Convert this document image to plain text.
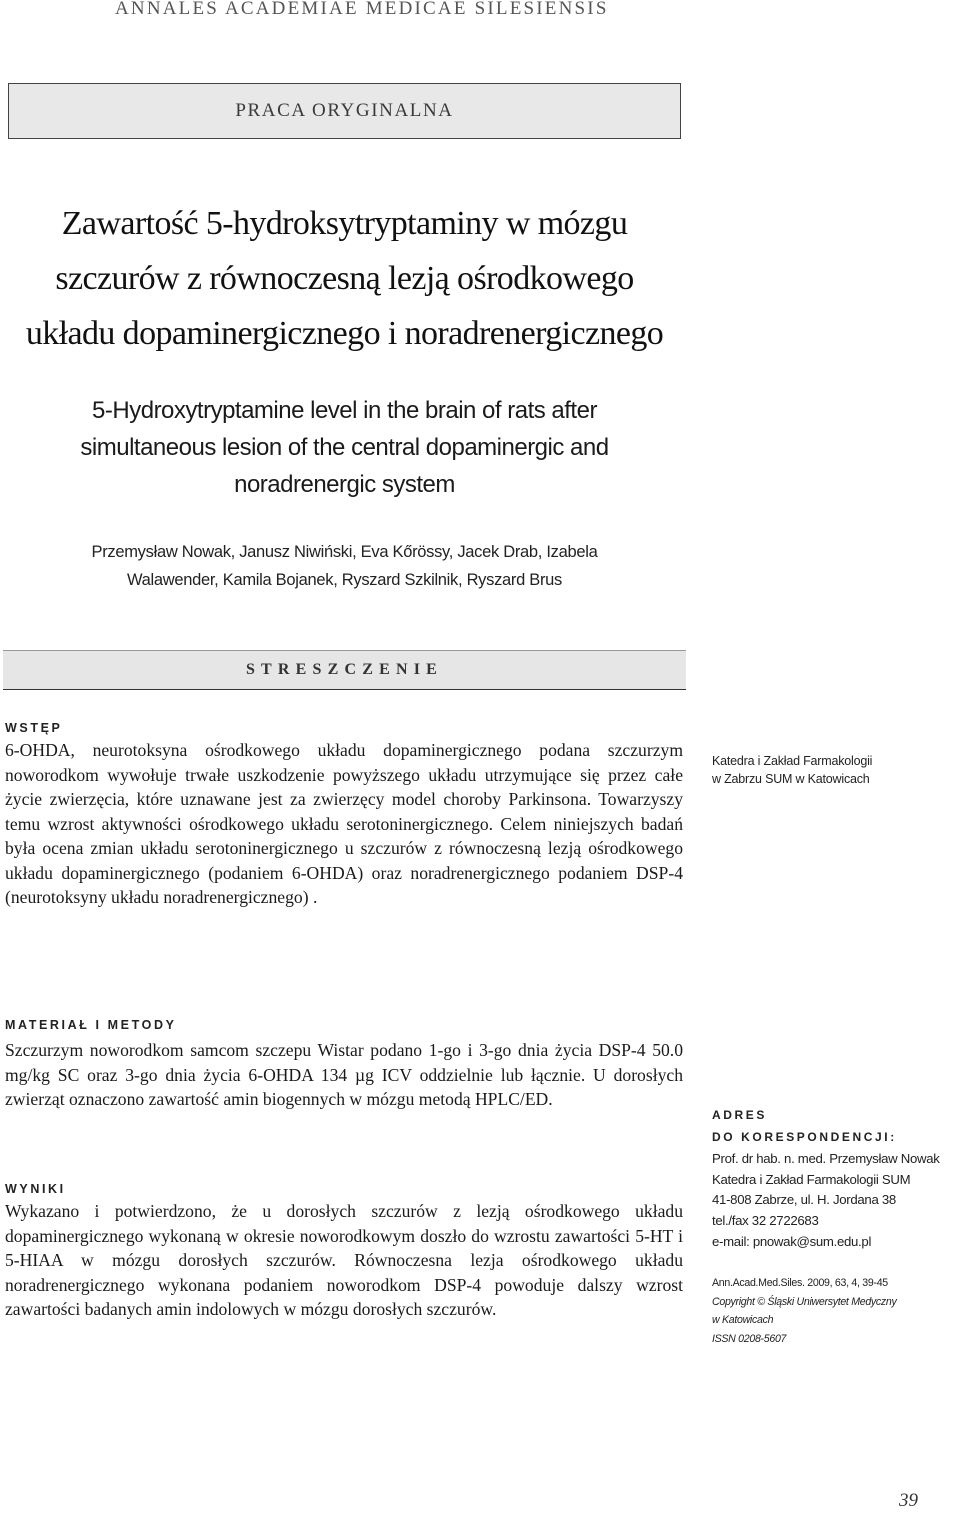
ANNALES ACADEMIAE MEDICAE SILESIENSIS
PRACA ORYGINALNA
Zawartość 5-hydroksytryptaminy w mózgu
szczurów z równoczesną lezją ośrodkowego
układu dopaminergicznego i noradrenergicznego
5-Hydroxytryptamine level in the brain of rats after
simultaneous lesion of the central dopaminergic and
noradrenergic system
Przemysław Nowak, Janusz Niwiński, Eva Kőrössy, Jacek Drab, Izabela
Walawender, Kamila Bojanek, Ryszard Szkilnik, Ryszard Brus
STRESZCZENIE
WSTĘP
6-OHDA, neurotoksyna ośrodkowego układu dopaminergicznego podana szczurzym noworodkom wywołuje trwałe uszkodzenie powyższego układu utrzymujące się przez całe życie zwierzęcia, które uznawane jest za zwierzęcy model choroby Parkinsona. Towarzyszy temu wzrost aktywności ośrodkowego układu serotoninergicznego. Celem niniejszych badań była ocena zmian układu serotoninergicznego u szczurów z równoczesną lezją ośrodkowego układu dopaminergicznego (podaniem 6-OHDA) oraz noradrenergicznego podaniem DSP-4 (neurotoksyny układu noradrenergicznego) .
MATERIAŁ I METODY
Szczurzym noworodkom samcom szczepu Wistar podano 1-go i 3-go dnia życia DSP-4 50.0 mg/kg SC oraz 3-go dnia życia 6-OHDA 134 µg ICV oddzielnie lub łącznie. U dorosłych zwierząt oznaczono zawartość amin biogennych w mózgu metodą HPLC/ED.
WYNIKI
Wykazano i potwierdzono, że u dorosłych szczurów z lezją ośrodkowego układu dopaminergicznego wykonaną w okresie noworodkowym doszło do wzrostu zawartości 5-HT i 5-HIAA w mózgu dorosłych szczurów. Równoczesna lezja ośrodkowego układu noradrenergicznego wykonana podaniem noworodkom DSP-4 powoduje dalszy wzrost zawartości badanych amin indolowych w mózgu dorosłych szczurów.
Katedra i Zakład Farmakologii
w Zabrzu SUM w Katowicach
ADRES
DO KORESPONDENCJI:
Prof. dr hab. n. med. Przemysław Nowak
Katedra i Zakład Farmakologii SUM
41-808 Zabrze, ul. H. Jordana 38
tel./fax 32 2722683
e-mail: pnowak@sum.edu.pl
Ann.Acad.Med.Siles. 2009, 63, 4, 39-45
Copyright © Śląski Uniwersytet Medyczny
w Katowicach
ISSN 0208-5607
39
